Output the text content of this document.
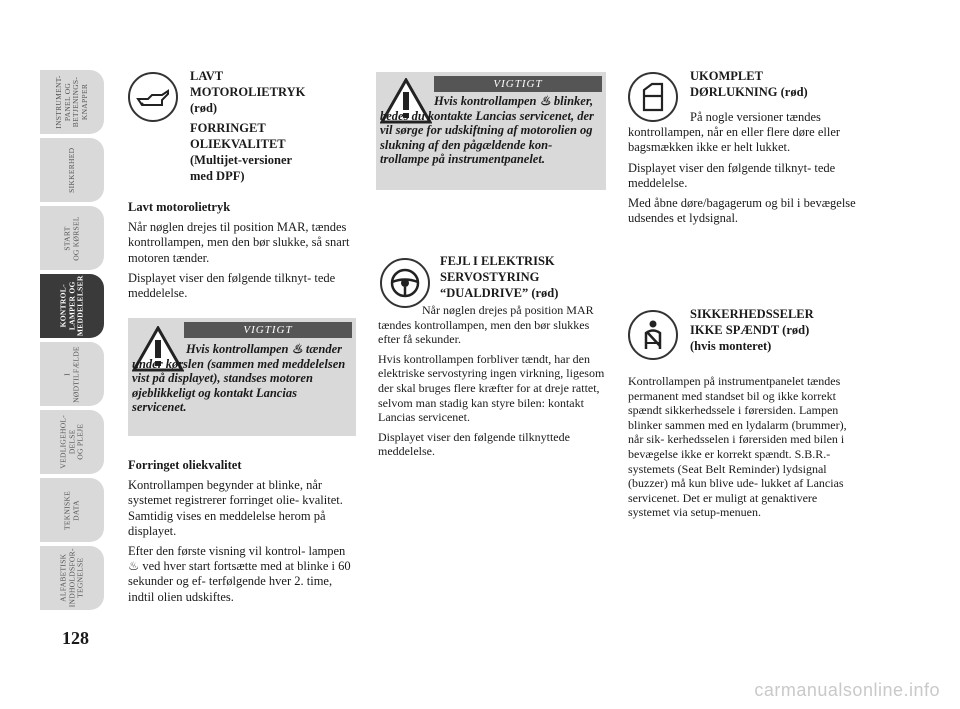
INSTRUMENT-
PANEL OG
BETJENINGS-
KNAPPER
SIKKERHED
START
OG KØRSEL
KONTROL-
LAMPER OG
MEDDELELSER
I
NØDTILFÆLDE
VEDLIGEHOL-
DELSE
OG PLEJE
TEKNISKE
DATA
ALFABETISK
INDHOLDSFOR-
TEGNELSE
128
LAVT
MOTOROLIETRYK
(rød)
FORRINGET
OLIEKVALITET
(Multijet-versioner
med DPF)

Lavt motorolietryk

Når nøglen drejes til position MAR, tændes kontrollampen, men den bør slukke, så snart motoren tænder.

Displayet viser den følgende tilknyt- tede meddelelse.

VIGTIGT
Hvis kontrollampen ♨ tænder under kørslen (sammen med meddelelsen vist på displayet), standses motoren øjeblikkeligt og kontakt Lancias servicenet.

Forringet oliekvalitet

Kontrollampen begynder at blinke, når systemet registrerer forringet olie- kvalitet. Samtidig vises en meddelelse herom på displayet.

Efter den første visning vil kontrol- lampen ♨ ved hver start fortsætte med at blinke i 60 sekunder og ef- terfølgende hver 2. time, indtil olien udskiftes.

VIGTIGT
Hvis kontrollampen ♨ blinker, bedes du kontakte Lancias servicenet, der vil sørge for udskiftning af motorolien og slukning af den pågældende kon- trollampe på instrumentpanelet.
FEJL I ELEKTRISK
SERVOSTYRING
“DUALDRIVE” (rød)

Når nøglen drejes på position MAR tændes kontrollampen, men den bør slukkes efter få sekunder.

Hvis kontrollampen forbliver tændt, har den elektriske servostyring ingen virkning, ligesom der skal bruges flere kræfter for at dreje rattet, selvom man stadig kan styre bilen: kontakt Lancias servicenet.

Displayet viser den følgende tilknyttede meddelelse.

UKOMPLET
DØRLUKNING (rød)

På nogle versioner tændes kontrollampen, når en eller flere døre eller bagsmækken ikke er helt lukket.

Displayet viser den følgende tilknyt- tede meddelelse.

Med åbne døre/bagagerum og bil i bevægelse udsendes et lydsignal.

SIKKERHEDSSELER
IKKE SPÆNDT (rød)
(hvis monteret)

Kontrollampen på instrumentpanelet tændes permanent med standset bil og ikke korrekt spændt sikkerhedssele i førersiden. Lampen blinker sammen med en lydalarm (brummer), når sik- kerhedsselen i førersiden med bilen i bevægelse ikke er korrekt spændt. S.B.R.-systemets (Seat Belt Reminder) lydsignal (buzzer) må kun blive ude- lukket af Lancias servicenet. Det er muligt at genaktivere systemet via setup-menuen.

carmanualsonline.info
